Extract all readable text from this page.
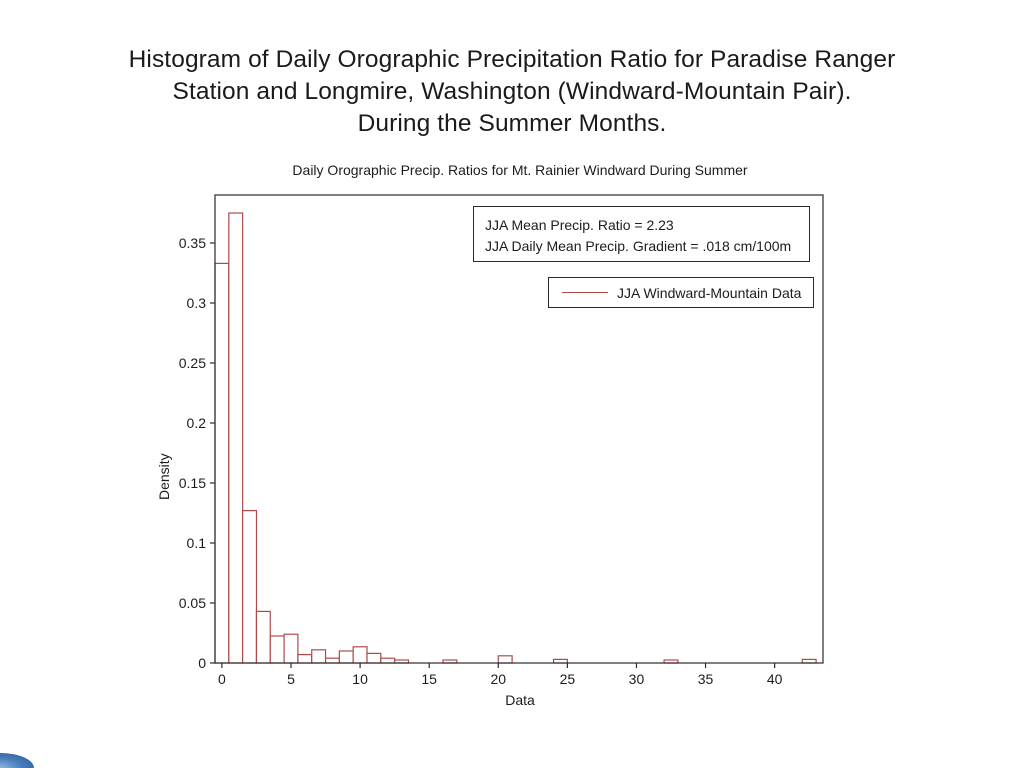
Histogram of Daily Orographic Precipitation Ratio for Paradise Ranger
Station and Longmire, Washington (Windward-Mountain Pair).
During the Summer Months.
Daily Orographic Precip. Ratios for Mt. Rainier Windward During Summer
0	5	10	15	20	25	30	35	40
0
0.05
0.1
0.15
0.2
0.25
0.3
0.35
Data
Density
JJA Mean Precip. Ratio = 2.23
JJA Daily Mean Precip. Gradient = .018 cm/100m
JJA Windward-Mountain Data
